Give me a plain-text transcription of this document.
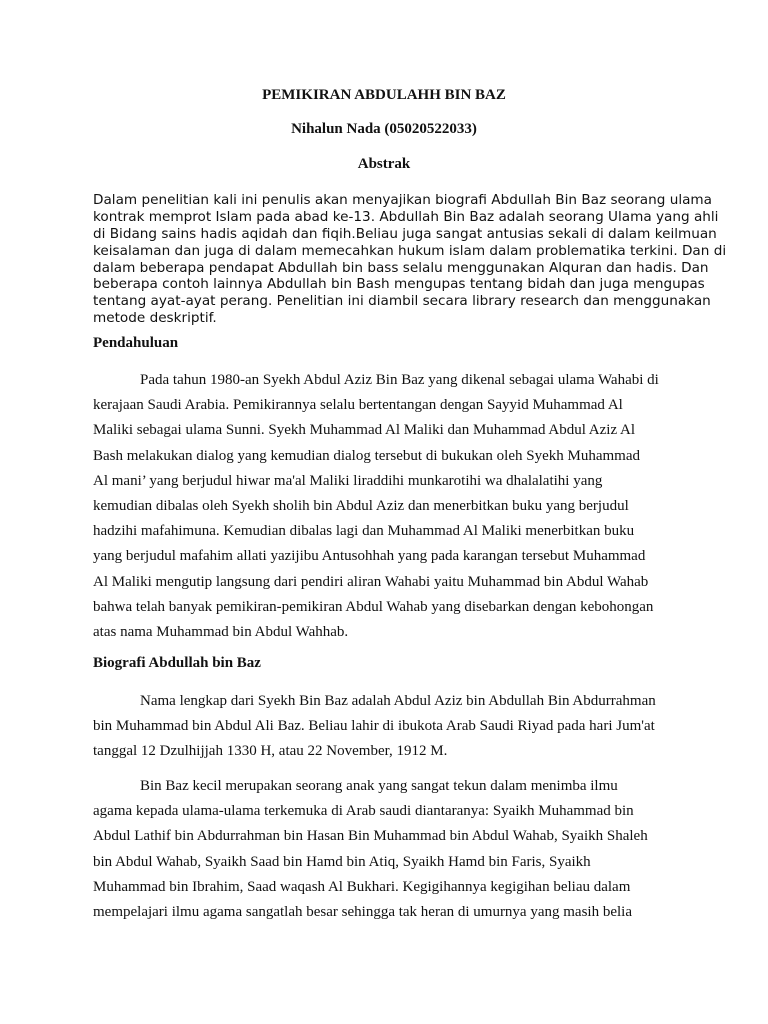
PEMIKIRAN ABDULAHH BIN BAZ
Nihalun Nada (05020522033)
Abstrak
Dalam penelitian kali ini penulis akan menyajikan biografi Abdullah Bin Baz seorang ulama
kontrak memprot Islam pada abad ke-13. Abdullah Bin Baz adalah seorang Ulama yang ahli
di Bidang sains hadis aqidah dan fiqih.Beliau juga sangat antusias sekali di dalam keilmuan
keisalaman dan juga di dalam memecahkan hukum islam dalam problematika terkini. Dan di
dalam beberapa pendapat Abdullah bin bass selalu menggunakan Alquran dan hadis. Dan
beberapa contoh lainnya Abdullah bin Bash mengupas tentang bidah dan juga mengupas
tentang ayat-ayat perang. Penelitian ini diambil secara library research dan menggunakan
metode deskriptif.
Pendahuluan
Pada tahun 1980-an Syekh Abdul Aziz Bin Baz yang dikenal sebagai ulama Wahabi di
kerajaan Saudi Arabia. Pemikirannya selalu bertentangan dengan Sayyid Muhammad Al
Maliki sebagai ulama Sunni. Syekh Muhammad Al Maliki dan Muhammad Abdul Aziz Al
Bash melakukan dialog yang kemudian dialog tersebut di bukukan oleh Syekh Muhammad
Al mani’ yang berjudul hiwar ma'al Maliki liraddihi munkarotihi wa dhalalatihi yang
kemudian dibalas oleh Syekh sholih bin Abdul Aziz dan menerbitkan buku yang berjudul
hadzihi mafahimuna. Kemudian dibalas lagi dan Muhammad Al Maliki menerbitkan buku
yang berjudul mafahim allati yazijibu Antusohhah yang pada karangan tersebut Muhammad
Al Maliki mengutip langsung dari pendiri aliran Wahabi yaitu Muhammad bin Abdul Wahab
bahwa telah banyak pemikiran-pemikiran Abdul Wahab yang disebarkan dengan kebohongan
atas nama Muhammad bin Abdul Wahhab.
Biografi Abdullah bin Baz
Nama lengkap dari Syekh Bin Baz adalah Abdul Aziz bin Abdullah Bin Abdurrahman
bin Muhammad bin Abdul Ali Baz. Beliau lahir di ibukota Arab Saudi Riyad pada hari Jum'at
tanggal 12 Dzulhijjah 1330 H, atau 22 November, 1912 M.
Bin Baz kecil merupakan seorang anak yang sangat tekun dalam menimba ilmu
agama kepada ulama-ulama terkemuka di Arab saudi diantaranya: Syaikh Muhammad bin
Abdul Lathif bin Abdurrahman bin Hasan Bin Muhammad bin Abdul Wahab, Syaikh Shaleh
bin Abdul Wahab, Syaikh Saad bin Hamd bin Atiq, Syaikh Hamd bin Faris, Syaikh
Muhammad bin Ibrahim, Saad waqash Al Bukhari. Kegigihannya kegigihan beliau dalam
mempelajari ilmu agama sangatlah besar sehingga tak heran di umurnya yang masih belia
